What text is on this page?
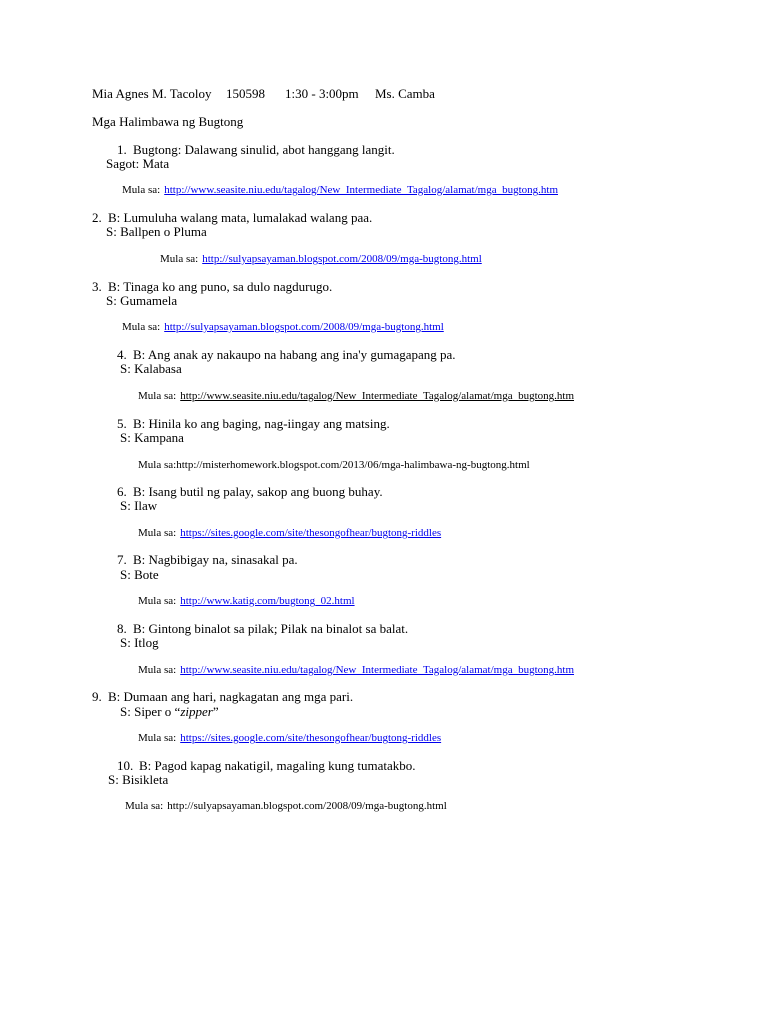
Mia Agnes M. Tacoloy 150598 1:30 - 3:00pm Ms. Camba
Mga Halimbawa ng Bugtong
1. Bugtong: Dalawang sinulid, abot hanggang langit.
Sagot: Mata
Mula sa: http://www.seasite.niu.edu/tagalog/New_Intermediate_Tagalog/alamat/mga_bugtong.htm
2. B: Lumuluha walang mata, lumalakad walang paa.
S: Ballpen o Pluma
Mula sa: http://sulyapsayaman.blogspot.com/2008/09/mga-bugtong.html
3. B: Tinaga ko ang puno, sa dulo nagdurugo.
S: Gumamela
Mula sa: http://sulyapsayaman.blogspot.com/2008/09/mga-bugtong.html
4. B: Ang anak ay nakaupo na habang ang ina'y gumagapang pa.
S: Kalabasa
Mula sa: http://www.seasite.niu.edu/tagalog/New_Intermediate_Tagalog/alamat/mga_bugtong.htm
5. B: Hinila ko ang baging, nag-iingay ang matsing.
S: Kampana
Mula sa:http://misterhomework.blogspot.com/2013/06/mga-halimbawa-ng-bugtong.html
6. B: Isang butil ng palay, sakop ang buong buhay.
S: Ilaw
Mula sa: https://sites.google.com/site/thesongofhear/bugtong-riddles
7. B: Nagbibigay na, sinasakal pa.
S: Bote
Mula sa: http://www.katig.com/bugtong_02.html
8. B: Gintong binalot sa pilak; Pilak na binalot sa balat.
S: Itlog
Mula sa: http://www.seasite.niu.edu/tagalog/New_Intermediate_Tagalog/alamat/mga_bugtong.htm
9. B: Dumaan ang hari, nagkagatan ang mga pari.
S: Siper o “zipper”
Mula sa: https://sites.google.com/site/thesongofhear/bugtong-riddles
10. B: Pagod kapag nakatigil, magaling kung tumatakbo.
S: Bisikleta
Mula sa: http://sulyapsayaman.blogspot.com/2008/09/mga-bugtong.html
